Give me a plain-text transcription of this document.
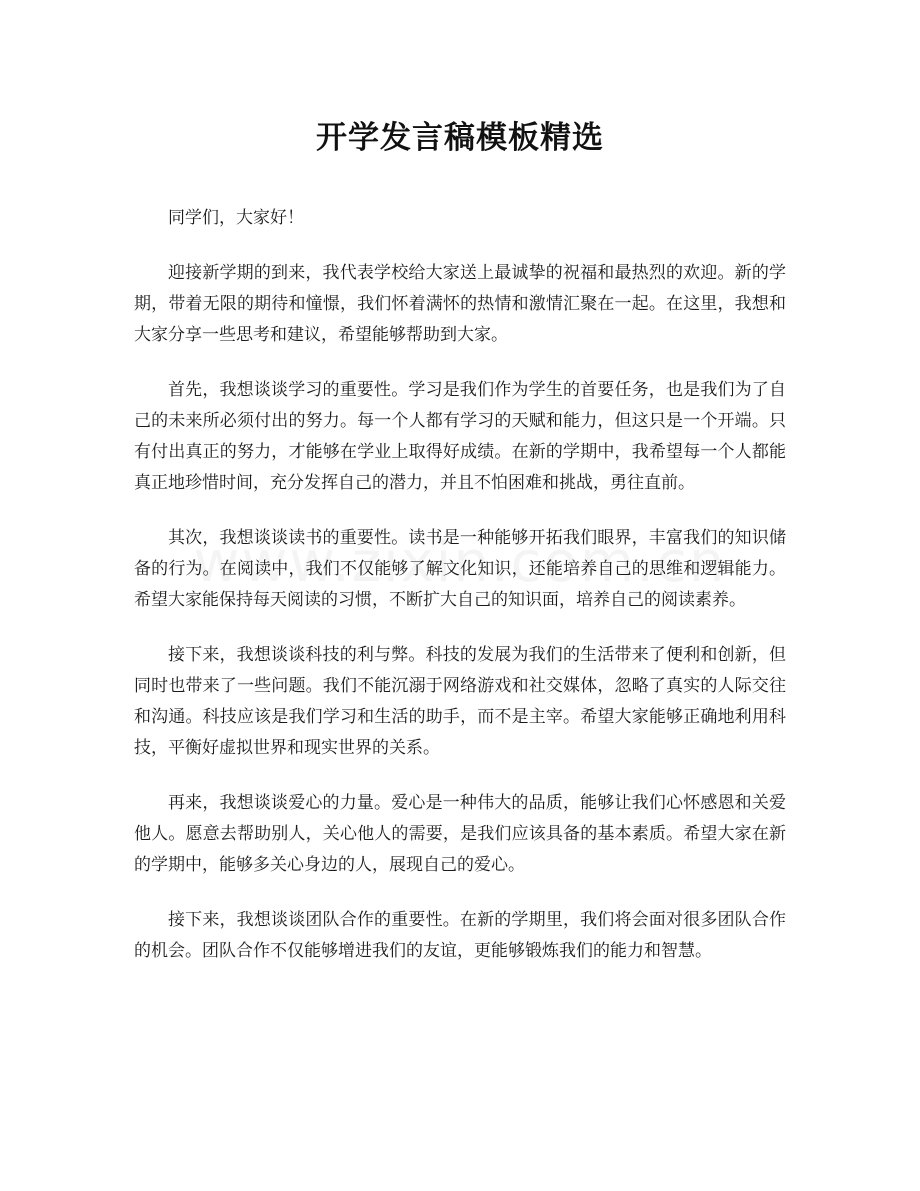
开学发言稿模板精选

同学们，大家好！

迎接新学期的到来，我代表学校给大家送上最诚挚的祝福和最热烈的欢迎。新的学期，带着无限的期待和憧憬，我们怀着满怀的热情和激情汇聚在一起。在这里，我想和大家分享一些思考和建议，希望能够帮助到大家。

首先，我想谈谈学习的重要性。学习是我们作为学生的首要任务，也是我们为了自己的未来所必须付出的努力。每一个人都有学习的天赋和能力，但这只是一个开端。只有付出真正的努力，才能够在学业上取得好成绩。在新的学期中，我希望每一个人都能真正地珍惜时间，充分发挥自己的潜力，并且不怕困难和挑战，勇往直前。

其次，我想谈谈读书的重要性。读书是一种能够开拓我们眼界，丰富我们的知识储备的行为。在阅读中，我们不仅能够了解文化知识，还能培养自己的思维和逻辑能力。希望大家能保持每天阅读的习惯，不断扩大自己的知识面，培养自己的阅读素养。

接下来，我想谈谈科技的利与弊。科技的发展为我们的生活带来了便利和创新，但同时也带来了一些问题。我们不能沉溺于网络游戏和社交媒体，忽略了真实的人际交往和沟通。科技应该是我们学习和生活的助手，而不是主宰。希望大家能够正确地利用科技，平衡好虚拟世界和现实世界的关系。

再来，我想谈谈爱心的力量。爱心是一种伟大的品质，能够让我们心怀感恩和关爱他人。愿意去帮助别人，关心他人的需要，是我们应该具备的基本素质。希望大家在新的学期中，能够多关心身边的人，展现自己的爱心。

接下来，我想谈谈团队合作的重要性。在新的学期里，我们将会面对很多团队合作的机会。团队合作不仅能够增进我们的友谊，更能够锻炼我们的能力和智慧。
